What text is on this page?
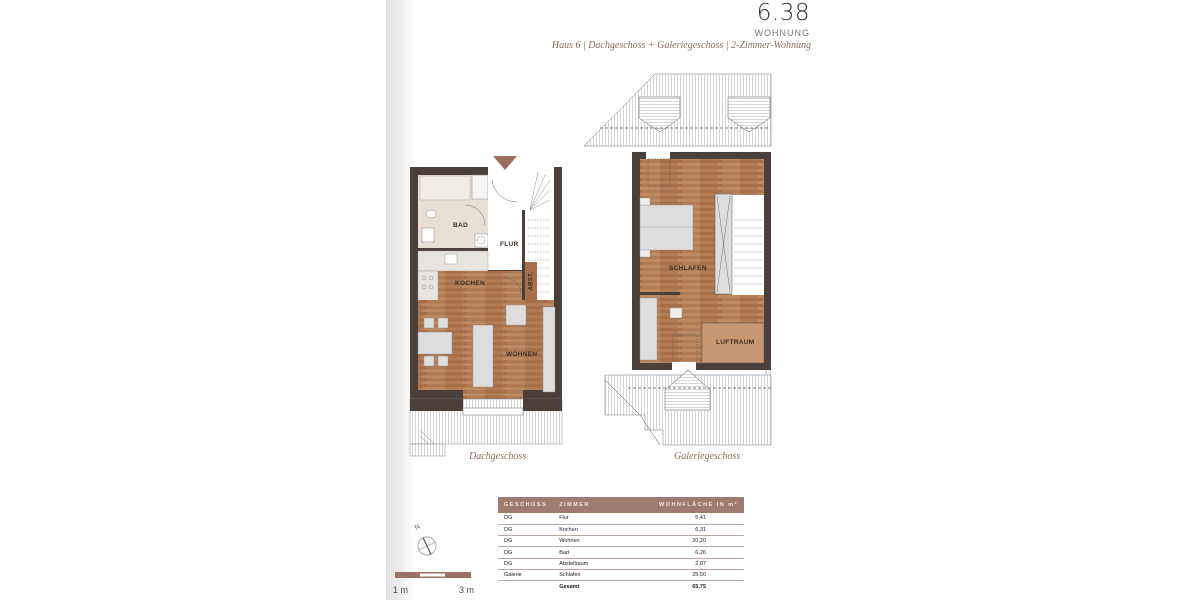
6.38
WOHNUNG
Haus 6 | Dachgeschoss + Galeriegeschoss | 2-Zimmer-Wohnung
BAD
FLUR
KOCHEN	ABST.
WOHNEN
Dachgeschoss
SCHLAFEN
LUFTRAUM
Galeriegeschoss
N
1 m	3 m
GESCHOSS	ZIMMER	WOHNFLÄCHE IN m²
DG	Flur	5,41
DG	Kochen	6,31
DG	Wohnen	20,20
DG	Bad	6,26
DG	Abstellraum	2,07
Galerie	Schlafen	25,50
	Gesamt	65,75
